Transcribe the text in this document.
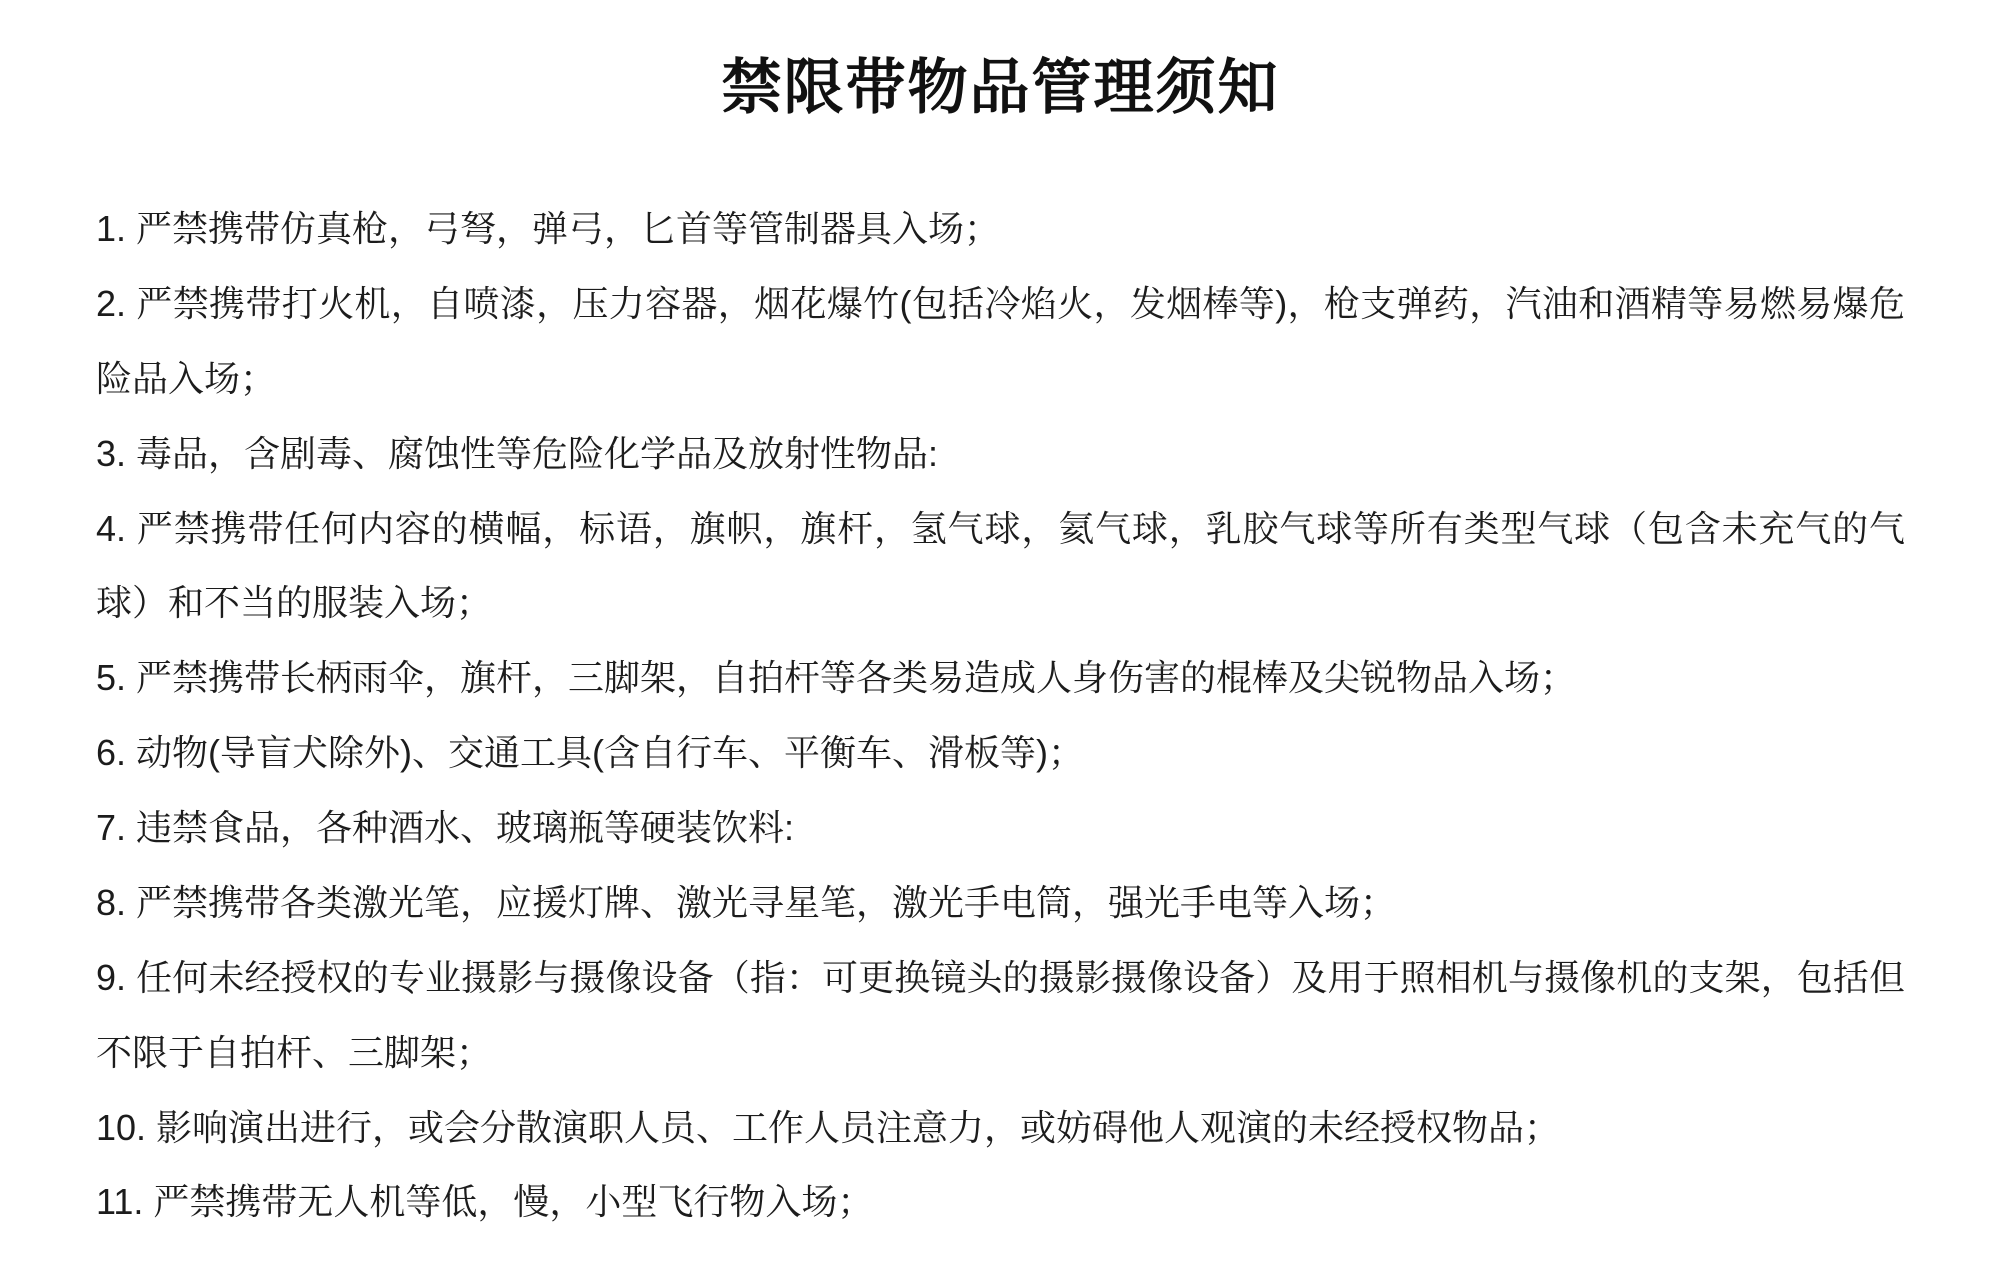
禁限带物品管理须知

1. 严禁携带仿真枪，弓弩，弹弓，匕首等管制器具入场；

2. 严禁携带打火机，自喷漆，压力容器，烟花爆竹(包括冷焰火，发烟棒等)，枪支弹药，汽油和酒精等易燃易爆危险品入场；

3. 毒品，含剧毒、腐蚀性等危险化学品及放射性物品:

4. 严禁携带任何内容的横幅，标语，旗帜，旗杆，氢气球，氦气球，乳胶气球等所有类型气球（包含未充气的气球）和不当的服装入场；

5. 严禁携带长柄雨伞，旗杆，三脚架，自拍杆等各类易造成人身伤害的棍棒及尖锐物品入场；

6. 动物(导盲犬除外)、交通工具(含自行车、平衡车、滑板等)；

7. 违禁食品，各种酒水、玻璃瓶等硬装饮料:

8. 严禁携带各类激光笔，应援灯牌、激光寻星笔，激光手电筒，强光手电等入场；

9. 任何未经授权的专业摄影与摄像设备（指：可更换镜头的摄影摄像设备）及用于照相机与摄像机的支架，包括但不限于自拍杆、三脚架；

10. 影响演出进行，或会分散演职人员、工作人员注意力，或妨碍他人观演的未经授权物品；

11. 严禁携带无人机等低，慢，小型飞行物入场；
